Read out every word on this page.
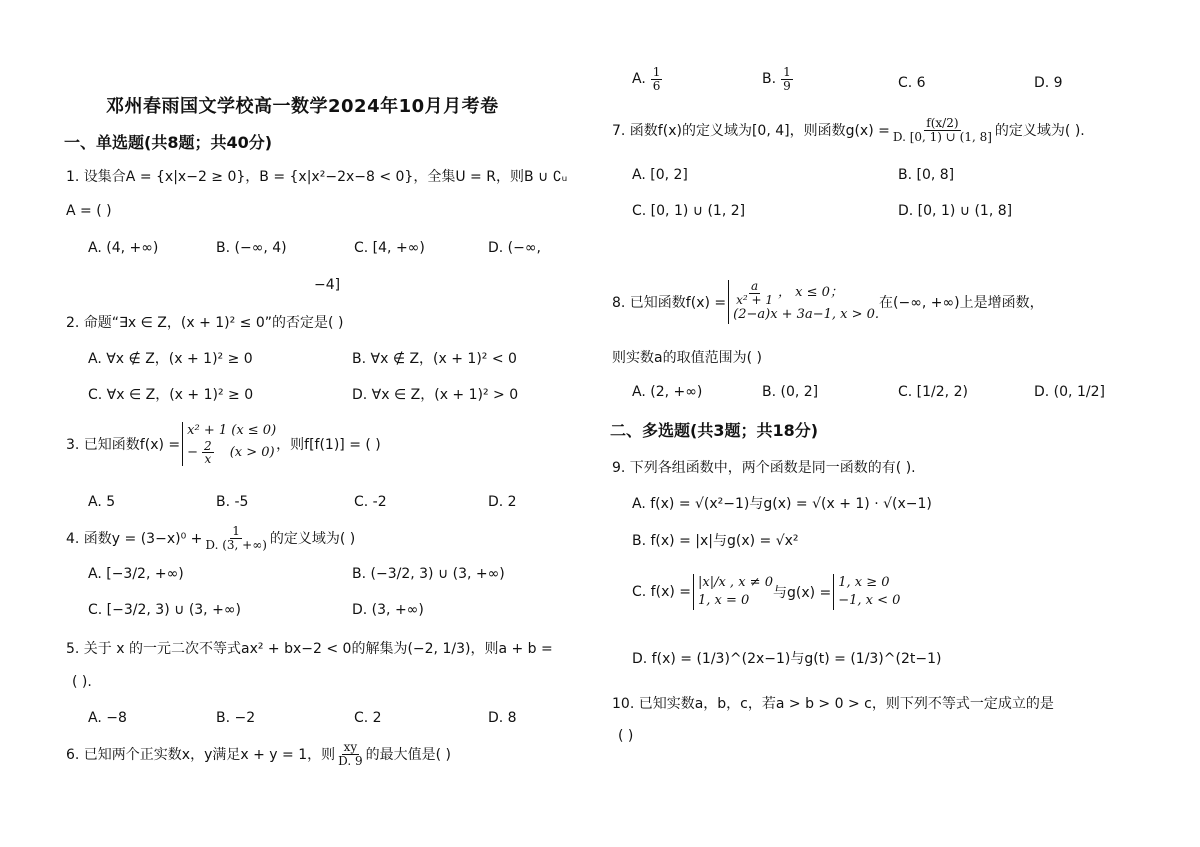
邓州春雨国文学校高一数学2024年10月月考卷
一、单选题(共8题；共40分)
1. 设集合A = {x|x−2 ≥ 0}，B = {x|x²−2x−8 < 0}，全集U = R，则B ∪ ∁ᵤ
A = ( )
A. (4, +∞)	B. (−∞, 4)	C. [4, +∞)	D. (−∞,
−4]
2. 命题“∃x ∈ Z，(x + 1)² ≤ 0”的否定是( )
A. ∀x ∉ Z，(x + 1)² ≥ 0	B. ∀x ∉ Z，(x + 1)² < 0
C. ∀x ∈ Z，(x + 1)² ≥ 0	D. ∀x ∈ Z，(x + 1)² > 0
3. 已知函数f(x) =
x² + 1 (x ≤ 0)
− $\frac{2}{x} (x > 0)$ ，则f[f(1)] = ( )
A. 5	B. -5	C. -2	D. 2
4. 函数$y = (3-x)^0 + \frac{1}{D. (3, +\infty)}$ 的定义域为( )
A. [−3/2, +∞)	B. (−3/2, 3) ∪ (3, +∞)
C. [−3/2, 3) ∪ (3, +∞)	D. (3, +∞)
5. 关于 x 的一元二次不等式ax² + bx−2 < 0的解集为(−2, 1/3)，则a + b =
( ).
A. −8	B. −2	C. 2	D. 8
6. 已知两个正实数x，y满足x + y = 1，则 $\frac{xy}{D. 9}$ 的最大值是( )
A. $\frac{1}{6}$	B. $\frac{1}{9}$	C. 6	D. 9
7. 函数f(x)的定义域为[0, 4]，则函数$g(x) = \frac{f(x/2)}{D. [0, 1) \cup (1, 8]}$ 的定义域为( ).
A. [0, 2]	B. [0, 8]
C. [0, 1) ∪ (1, 2]	D. [0, 1) ∪ (1, 8]
8. 已知函数$f(x) = \frac{a}{\text{x² + 1}}$ ， x ≤ 0；
(2−a)x + 3a−1, x > 0.
在(−∞, +∞)上是增函数，
则实数a的取值范围为( )
A. (2, +∞)	B. (0, 2]	C. [1/2, 2)	D. (0, 1/2]
二、多选题(共3题；共18分)
9. 下列各组函数中，两个函数是同一函数的有( ).
A. f(x) = √(x²−1)与g(x) = √(x + 1) · √(x−1)
B. f(x) = |x|与g(x) = √x²
C. f(x) =
|x|/x , x ≠ 0
1, x = 0	与g(x) =
1, x ≥ 0
−1, x < 0
D. f(x) = (1/3)^(2x−1)与g(t) = (1/3)^(2t−1)
10. 已知实数a，b，c，若a > b > 0 > c，则下列不等式一定成立的是
( )
